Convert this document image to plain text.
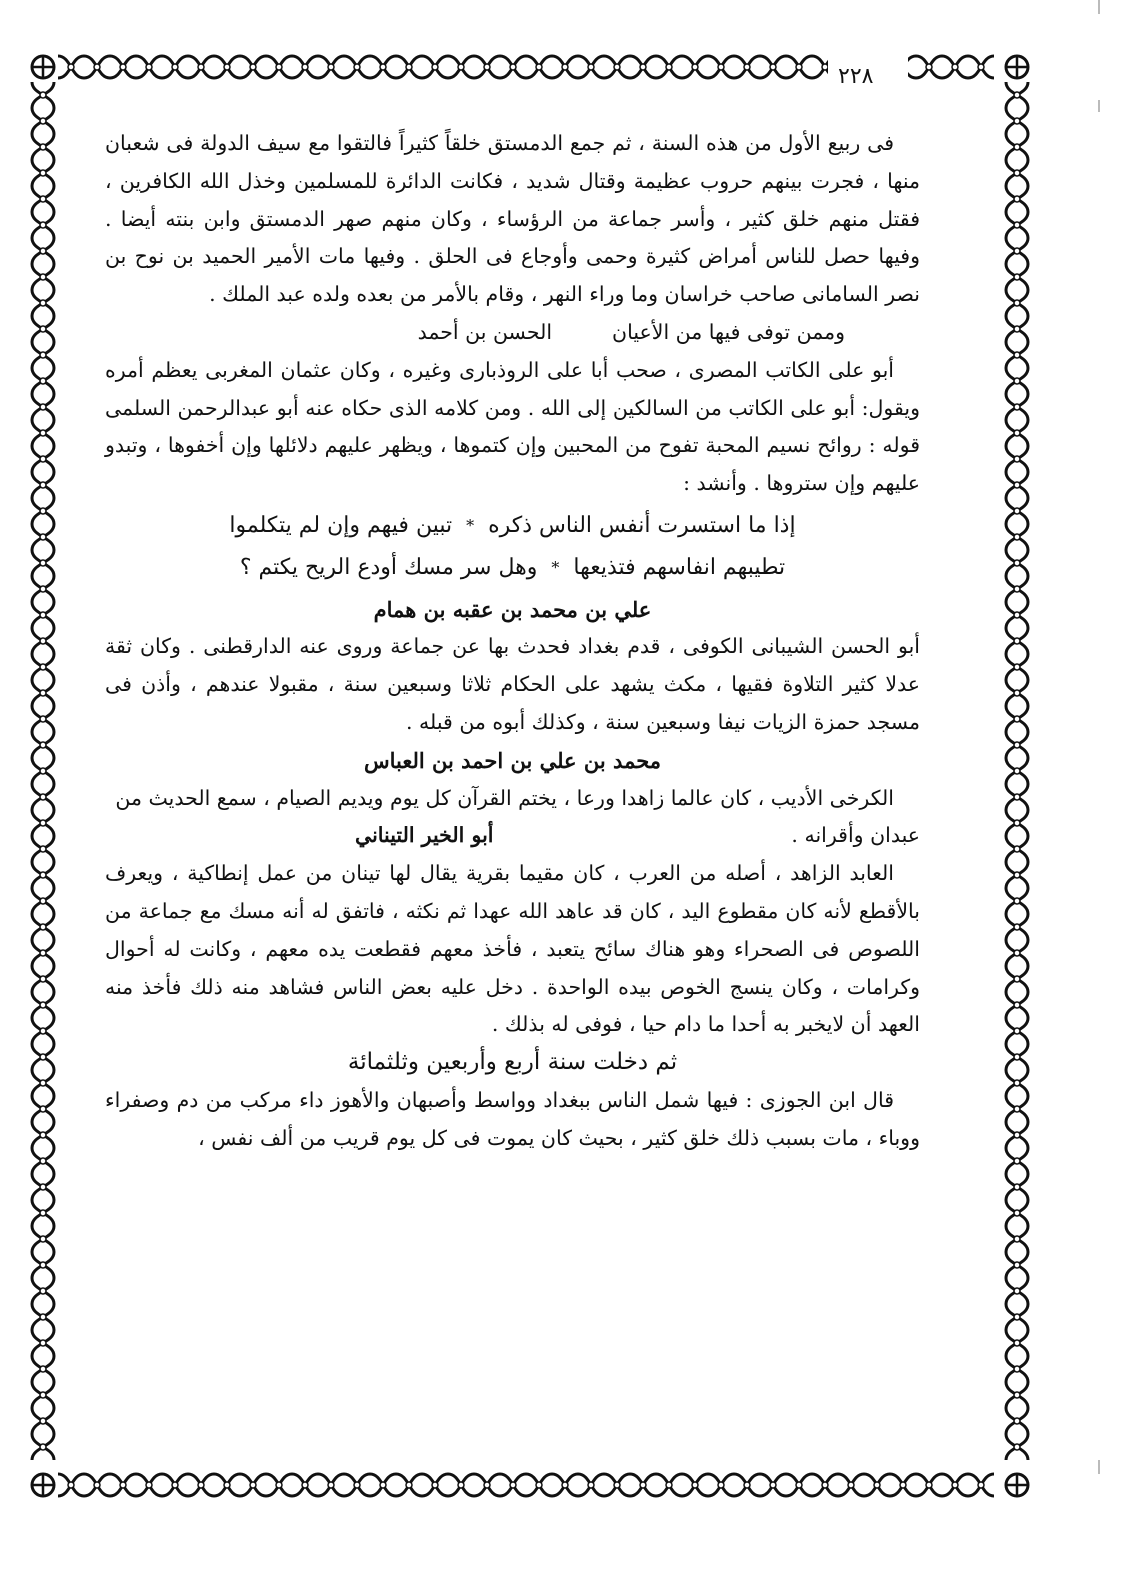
٢٢٨

فى ربيع الأول من هذه السنة ، ثم جمع الدمستق خلقاً كثيراً فالتقوا مع سيف الدولة فى شعبان منها ، فجرت بينهم حروب عظيمة وقتال شديد ، فكانت الدائرة للمسلمين وخذل الله الكافرين ، فقتل منهم خلق كثير ، وأسر جماعة من الرؤساء ، وكان منهم صهر الدمستق وابن بنته أيضا . وفيها حصل للناس أمراض كثيرة وحمى وأوجاع فى الحلق . وفيها مات الأمير الحميد بن نوح بن نصر السامانى صاحب خراسان وما وراء النهر ، وقام بالأمر من بعده ولده عبد الملك .

وممن توفى فيها من الأعيان
الحسن بن أحمد

أبو على الكاتب المصرى ، صحب أبا على الروذبارى وغيره ، وكان عثمان المغربى يعظم أمره ويقول: أبو على الكاتب من السالكين إلى الله . ومن كلامه الذى حكاه عنه أبو عبدالرحمن السلمى قوله : روائح نسيم المحبة تفوح من المحبين وإن كتموها ، ويظهر عليهم دلائلها وإن أخفوها ، وتبدو عليهم وإن ستروها . وأنشد :

إذا ما استسرت أنفس الناس ذكره
*
تبين فيهم وإن لم يتكلموا
تطيبهم انفاسهم فتذيعها
*
وهل سر مسك أودع الريح يكتم ؟

علي بن محمد بن عقبه بن همام

أبو الحسن الشيبانى الكوفى ، قدم بغداد فحدث بها عن جماعة وروى عنه الدارقطنى . وكان ثقة عدلا كثير التلاوة فقيها ، مكث يشهد على الحكام ثلاثا وسبعين سنة ، مقبولا عندهم ، وأذن فى مسجد حمزة الزيات نيفا وسبعين سنة ، وكذلك أبوه من قبله .

محمد بن علي بن احمد بن العباس

الكرخى الأديب ، كان عالما زاهدا ورعا ، يختم القرآن كل يوم ويديم الصيام ، سمع الحديث من

عبدان وأقرانه .
أبو الخير التيناني

العابد الزاهد ، أصله من العرب ، كان مقيما بقرية يقال لها تينان من عمل إنطاكية ، ويعرف بالأقطع لأنه كان مقطوع اليد ، كان قد عاهد الله عهدا ثم نكثه ، فاتفق له أنه مسك مع جماعة من اللصوص فى الصحراء وهو هناك سائح يتعبد ، فأخذ معهم فقطعت يده معهم ، وكانت له أحوال وكرامات ، وكان ينسج الخوص بيده الواحدة . دخل عليه بعض الناس فشاهد منه ذلك فأخذ منه العهد أن لايخبر به أحدا ما دام حيا ، فوفى له بذلك .

ثم دخلت سنة أربع وأربعين وثلثمائة

قال ابن الجوزى : فيها شمل الناس ببغداد وواسط وأصبهان والأهوز داء مركب من دم وصفراء ووباء ، مات بسبب ذلك خلق كثير ، بحيث كان يموت فى كل يوم قريب من ألف نفس ،
